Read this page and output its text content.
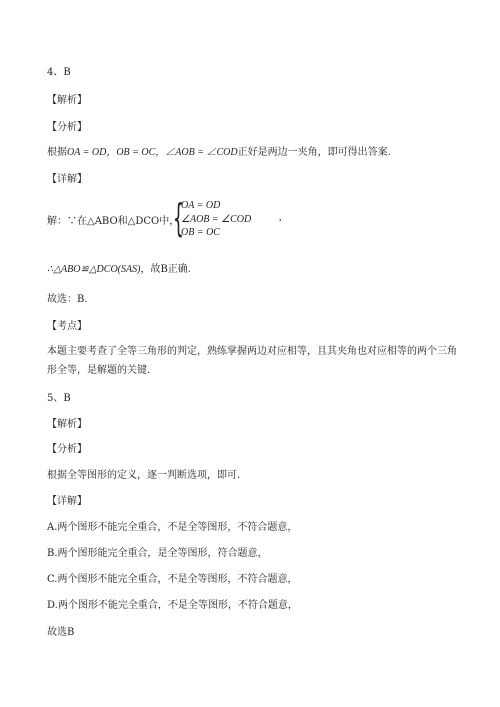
4、B
【解析】
【分析】
根据OA = OD，OB = OC，∠AOB = ∠COD正好是两边一夹角，即可得出答案.
【详解】
解：∵在△ABO和△DCO中，
{
OA = OD
∠AOB = ∠COD
OB = OC
,
∴△ABO≌△DCO(SAS)，故B正确.
故选：B.
【考点】
本题主要考查了全等三角形的判定，熟练掌握两边对应相等，且其夹角也对应相等的两个三角形全等，是解题的关键.
5、B
【解析】
【分析】
根据全等图形的定义，逐一判断选项，即可.
【详解】
A.两个图形不能完全重合，不是全等图形，不符合题意，
B.两个图形能完全重合，是全等图形，符合题意，
C.两个图形不能完全重合，不是全等图形，不符合题意，
D.两个图形不能完全重合，不是全等图形，不符合题意，
故选B
